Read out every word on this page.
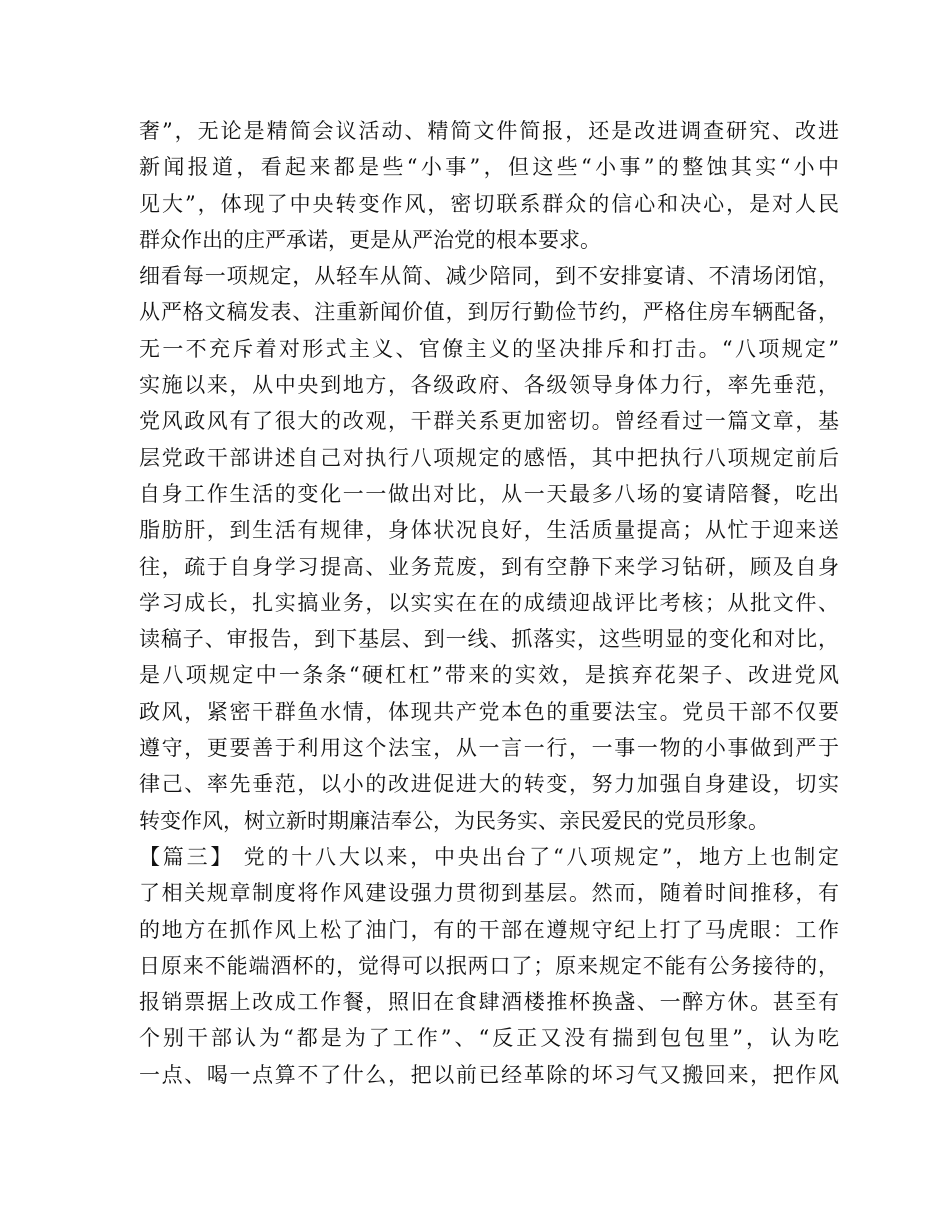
奢”，无论是精简会议活动、精简文件简报，还是改进调查研究、改进
新闻报道，看起来都是些“小事”，但这些“小事”的整蚀其实“小中
见大”，体现了中央转变作风，密切联系群众的信心和决心，是对人民
群众作出的庄严承诺，更是从严治党的根本要求。
细看每一项规定，从轻车从简、减少陪同，到不安排宴请、不清场闭馆，
从严格文稿发表、注重新闻价值，到厉行勤俭节约，严格住房车辆配备，
无一不充斥着对形式主义、官僚主义的坚决排斥和打击。“八项规定”
实施以来，从中央到地方，各级政府、各级领导身体力行，率先垂范，
党风政风有了很大的改观，干群关系更加密切。曾经看过一篇文章，基
层党政干部讲述自己对执行八项规定的感悟，其中把执行八项规定前后
自身工作生活的变化一一做出对比，从一天最多八场的宴请陪餐，吃出
脂肪肝，到生活有规律，身体状况良好，生活质量提高；从忙于迎来送
往，疏于自身学习提高、业务荒废，到有空静下来学习钻研，顾及自身
学习成长，扎实搞业务，以实实在在的成绩迎战评比考核；从批文件、
读稿子、审报告，到下基层、到一线、抓落实，这些明显的变化和对比，
是八项规定中一条条“硬杠杠”带来的实效，是摈弃花架子、改进党风
政风，紧密干群鱼水情，体现共产党本色的重要法宝。党员干部不仅要
遵守，更要善于利用这个法宝，从一言一行，一事一物的小事做到严于
律己、率先垂范，以小的改进促进大的转变，努力加强自身建设，切实
转变作风，树立新时期廉洁奉公，为民务实、亲民爱民的党员形象。
【篇三】 党的十八大以来，中央出台了“八项规定”，地方上也制定
了相关规章制度将作风建设强力贯彻到基层。然而，随着时间推移，有
的地方在抓作风上松了油门，有的干部在遵规守纪上打了马虎眼：工作
日原来不能端酒杯的，觉得可以抿两口了；原来规定不能有公务接待的，
报销票据上改成工作餐，照旧在食肆酒楼推杯换盏、一醉方休。甚至有
个别干部认为“都是为了工作”、“反正又没有揣到包包里”，认为吃
一点、喝一点算不了什么，把以前已经革除的坏习气又搬回来，把作风
